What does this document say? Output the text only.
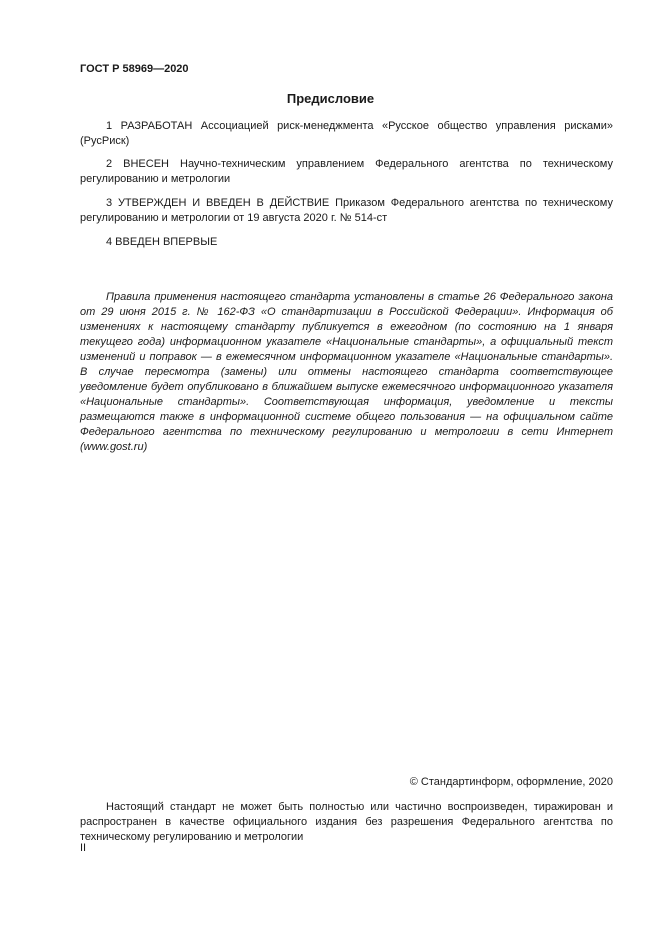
ГОСТ Р 58969—2020
Предисловие

1 РАЗРАБОТАН Ассоциацией риск-менеджмента «Русское общество управления рисками» (РусРиск)

2 ВНЕСЕН Научно-техническим управлением Федерального агентства по техническому регулированию и метрологии

3 УТВЕРЖДЕН И ВВЕДЕН В ДЕЙСТВИЕ Приказом Федерального агентства по техническому регулированию и метрологии от 19 августа 2020 г. № 514-ст

4 ВВЕДЕН ВПЕРВЫЕ

Правила применения настоящего стандарта установлены в статье 26 Федерального закона от 29 июня 2015 г. № 162-ФЗ «О стандартизации в Российской Федерации». Информация об изменениях к настоящему стандарту публикуется в ежегодном (по состоянию на 1 января текущего года) информационном указателе «Национальные стандарты», а официальный текст изменений и поправок — в ежемесячном информационном указателе «Национальные стандарты». В случае пересмотра (замены) или отмены настоящего стандарта соответствующее уведомление будет опубликовано в ближайшем выпуске ежемесячного информационного указателя «Национальные стандарты». Соответствующая информация, уведомление и тексты размещаются также в информационной системе общего пользования — на официальном сайте Федерального агентства по техническому регулированию и метрологии в сети Интернет (www.gost.ru)

© Стандартинформ, оформление, 2020

Настоящий стандарт не может быть полностью или частично воспроизведен, тиражирован и распространен в качестве официального издания без разрешения Федерального агентства по техническому регулированию и метрологии

II
